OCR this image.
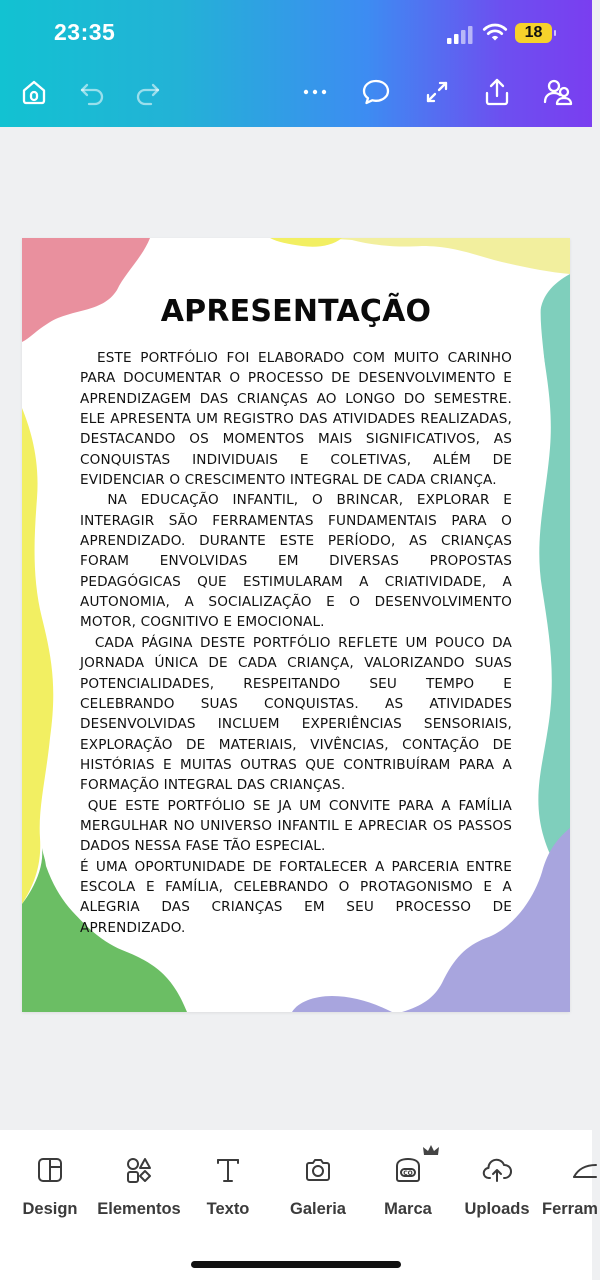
23:35	18
APRESENTAÇÃO

ESTE PORTFÓLIO FOI ELABORADO COM MUITO CARINHO PARA DOCUMENTAR O PROCESSO DE DESENVOLVIMENTO E APRENDIZAGEM DAS CRIANÇAS AO LONGO DO SEMESTRE. ELE APRESENTA UM REGISTRO DAS ATIVIDADES REALIZADAS, DESTACANDO OS MOMENTOS MAIS SIGNIFICATIVOS, AS CONQUISTAS INDIVIDUAIS E COLETIVAS, ALÉM DE EVIDENCIAR O CRESCIMENTO INTEGRAL DE CADA CRIANÇA.

NA EDUCAÇÃO INFANTIL, O BRINCAR, EXPLORAR E INTERAGIR SÃO FERRAMENTAS FUNDAMENTAIS PARA O APRENDIZADO. DURANTE ESTE PERÍODO, AS CRIANÇAS FORAM ENVOLVIDAS EM DIVERSAS PROPOSTAS PEDAGÓGICAS QUE ESTIMULARAM A CRIATIVIDADE, A AUTONOMIA, A SOCIALIZAÇÃO E O DESENVOLVIMENTO MOTOR, COGNITIVO E EMOCIONAL.

CADA PÁGINA DESTE PORTFÓLIO REFLETE UM POUCO DA JORNADA ÚNICA DE CADA CRIANÇA, VALORIZANDO SUAS POTENCIALIDADES, RESPEITANDO SEU TEMPO E CELEBRANDO SUAS CONQUISTAS. AS ATIVIDADES DESENVOLVIDAS INCLUEM EXPERIÊNCIAS SENSORIAIS, EXPLORAÇÃO DE MATERIAIS, VIVÊNCIAS, CONTAÇÃO DE HISTÓRIAS E MUITAS OUTRAS QUE CONTRIBUÍRAM PARA A FORMAÇÃO INTEGRAL DAS CRIANÇAS.

QUE ESTE PORTFÓLIO SE JA UM CONVITE PARA A FAMÍLIA MERGULHAR NO UNIVERSO INFANTIL E APRECIAR OS PASSOS DADOS NESSA FASE TÃO ESPECIAL.

É UMA OPORTUNIDADE DE FORTALECER A PARCERIA ENTRE ESCOLA E FAMÍLIA, CELEBRANDO O PROTAGONISMO E A ALEGRIA DAS CRIANÇAS EM SEU PROCESSO DE APRENDIZADO.

Design	Elementos	Texto	Galeria
CO
Marca	Uploads Ferram
